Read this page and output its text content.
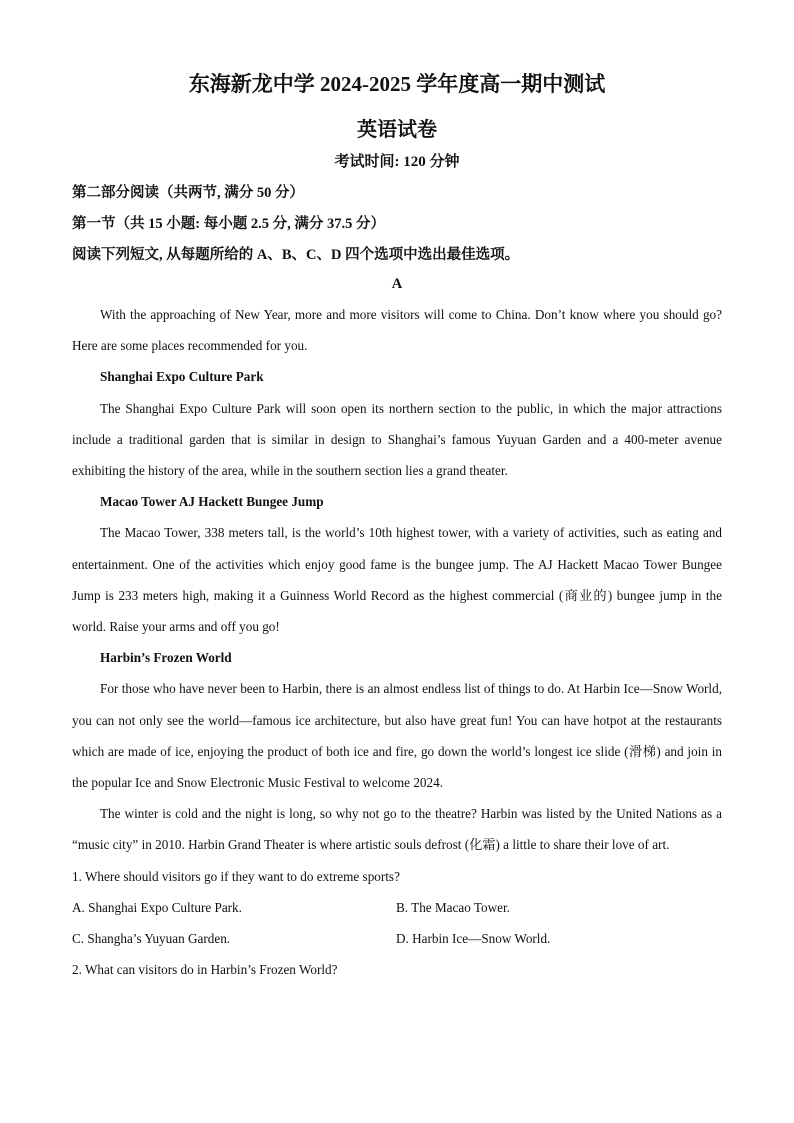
东海新龙中学 2024-2025 学年度高一期中测试
英语试卷
考试时间: 120 分钟
第二部分阅读（共两节, 满分 50 分）
第一节（共 15 小题: 每小题 2.5 分, 满分 37.5 分）
阅读下列短文, 从每题所给的 A、B、C、D 四个选项中选出最佳选项。
A

With the approaching of New Year, more and more visitors will come to China. Don’t know where you should go? Here are some places recommended for you.

Shanghai Expo Culture Park

The Shanghai Expo Culture Park will soon open its northern section to the public, in which the major attractions include a traditional garden that is similar in design to Shanghai’s famous Yuyuan Garden and a 400-meter avenue exhibiting the history of the area, while in the southern section lies a grand theater.

Macao Tower AJ Hackett Bungee Jump

The Macao Tower, 338 meters tall, is the world’s 10th highest tower, with a variety of activities, such as eating and entertainment. One of the activities which enjoy good fame is the bungee jump. The AJ Hackett Macao Tower Bungee Jump is 233 meters high, making it a Guinness World Record as the highest commercial (商业的) bungee jump in the world. Raise your arms and off you go!

Harbin’s Frozen World

For those who have never been to Harbin, there is an almost endless list of things to do. At Harbin Ice—Snow World, you can not only see the world—famous ice architecture, but also have great fun! You can have hotpot at the restaurants which are made of ice, enjoying the product of both ice and fire, go down the world’s longest ice slide (滑梯) and join in the popular Ice and Snow Electronic Music Festival to welcome 2024.

The winter is cold and the night is long, so why not go to the theatre? Harbin was listed by the United Nations as a “music city” in 2010. Harbin Grand Theater is where artistic souls defrost (化霜) a little to share their love of art.

1. Where should visitors go if they want to do extreme sports?
A. Shanghai Expo Culture Park.	B. The Macao Tower.
C. Shangha’s Yuyuan Garden.	D. Harbin Ice—Snow World.
2. What can visitors do in Harbin’s Frozen World?
